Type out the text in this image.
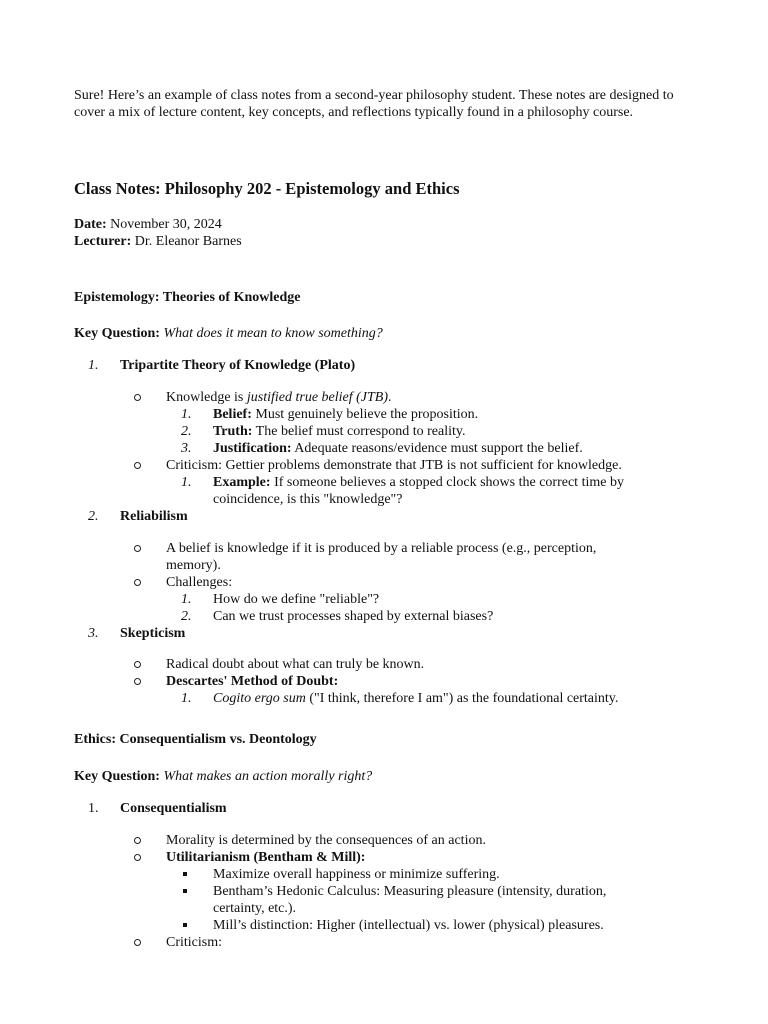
Sure! Here’s an example of class notes from a second-year philosophy student. These notes are designed to cover a mix of lecture content, key concepts, and reflections typically found in a philosophy course.
Class Notes: Philosophy 202 - Epistemology and Ethics
Date: November 30, 2024
Lecturer: Dr. Eleanor Barnes
Epistemology: Theories of Knowledge
Key Question: What does it mean to know something?
1. Tripartite Theory of Knowledge (Plato)
Knowledge is justified true belief (JTB).
1. Belief: Must genuinely believe the proposition.
2. Truth: The belief must correspond to reality.
3. Justification: Adequate reasons/evidence must support the belief.
Criticism: Gettier problems demonstrate that JTB is not sufficient for knowledge.
1. Example: If someone believes a stopped clock shows the correct time by
coincidence, is this "knowledge"?
2. Reliabilism
A belief is knowledge if it is produced by a reliable process (e.g., perception,
memory).
Challenges:
1. How do we define "reliable"?
2. Can we trust processes shaped by external biases?
3. Skepticism
Radical doubt about what can truly be known.
Descartes' Method of Doubt:
1. Cogito ergo sum ("I think, therefore I am") as the foundational certainty.
Ethics: Consequentialism vs. Deontology
Key Question: What makes an action morally right?
1. Consequentialism
Morality is determined by the consequences of an action.
Utilitarianism (Bentham & Mill):
Maximize overall happiness or minimize suffering.
Bentham’s Hedonic Calculus: Measuring pleasure (intensity, duration,
certainty, etc.).
Mill’s distinction: Higher (intellectual) vs. lower (physical) pleasures.
Criticism:
